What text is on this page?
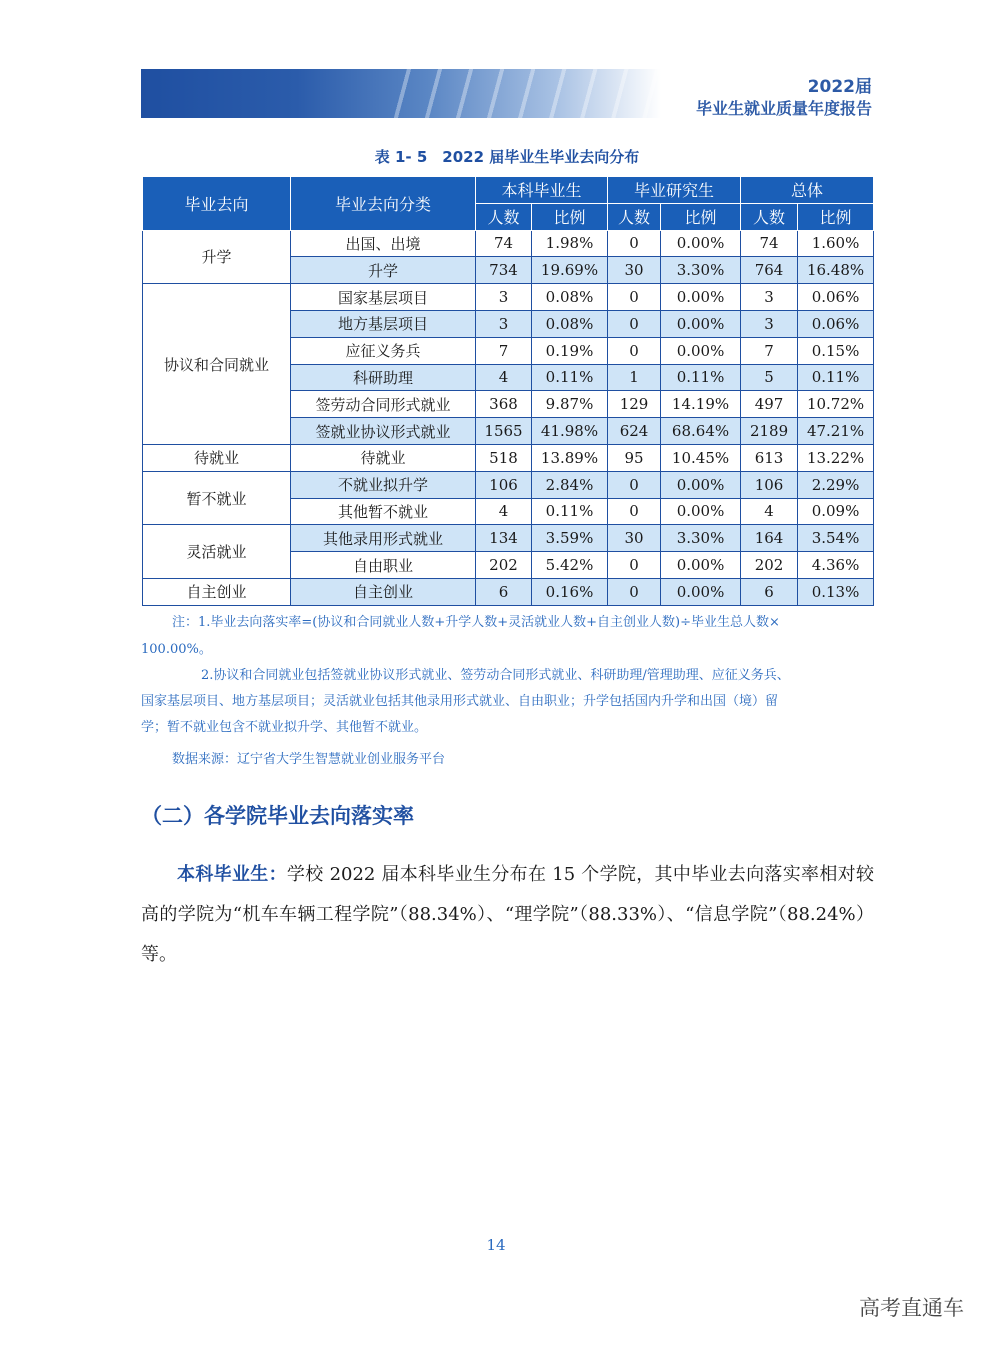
2022届
毕业生就业质量年度报告
表 1- 5　2022 届毕业生毕业去向分布
毕业去向	毕业去向分类	本科毕业生		毕业研究生		总体	
		人数	比例	人数	比例	人数	比例
升学	出国、出境	74	1.98%	0	0.00%	74	1.60%
	升学	734	19.69%	30	3.30%	764	16.48%
协议和合同就业	国家基层项目	3	0.08%	0	0.00%	3	0.06%
	地方基层项目	3	0.08%	0	0.00%	3	0.06%
	应征义务兵	7	0.19%	0	0.00%	7	0.15%
	科研助理	4	0.11%	1	0.11%	5	0.11%
	签劳动合同形式就业	368	9.87%	129	14.19%	497	10.72%
	签就业协议形式就业	1565	41.98%	624	68.64%	2189	47.21%
待就业	待就业	518	13.89%	95	10.45%	613	13.22%
暂不就业	不就业拟升学	106	2.84%	0	0.00%	106	2.29%
	其他暂不就业	4	0.11%	0	0.00%	4	0.09%
灵活就业	其他录用形式就业	134	3.59%	30	3.30%	164	3.54%
	自由职业	202	5.42%	0	0.00%	202	4.36%
自主创业	自主创业	6	0.16%	0	0.00%	6	0.13%
注：1.毕业去向落实率=(协议和合同就业人数+升学人数+灵活就业人数+自主创业人数)÷毕业生总人数×
100.00%。
2.协议和合同就业包括签就业协议形式就业、签劳动合同形式就业、科研助理/管理助理、应征义务兵、
国家基层项目、地方基层项目；灵活就业包括其他录用形式就业、自由职业；升学包括国内升学和出国（境）留
学；暂不就业包含不就业拟升学、其他暂不就业。
数据来源：辽宁省大学生智慧就业创业服务平台
（二）各学院毕业去向落实率
本科毕业生：学校 2022 届本科毕业生分布在 15 个学院，其中毕业去向落实率相对较高的学院为“机车车辆工程学院”（88.34%）、“理学院”（88.33%）、“信息学院”（88.24%）等。
14
高考直通车
